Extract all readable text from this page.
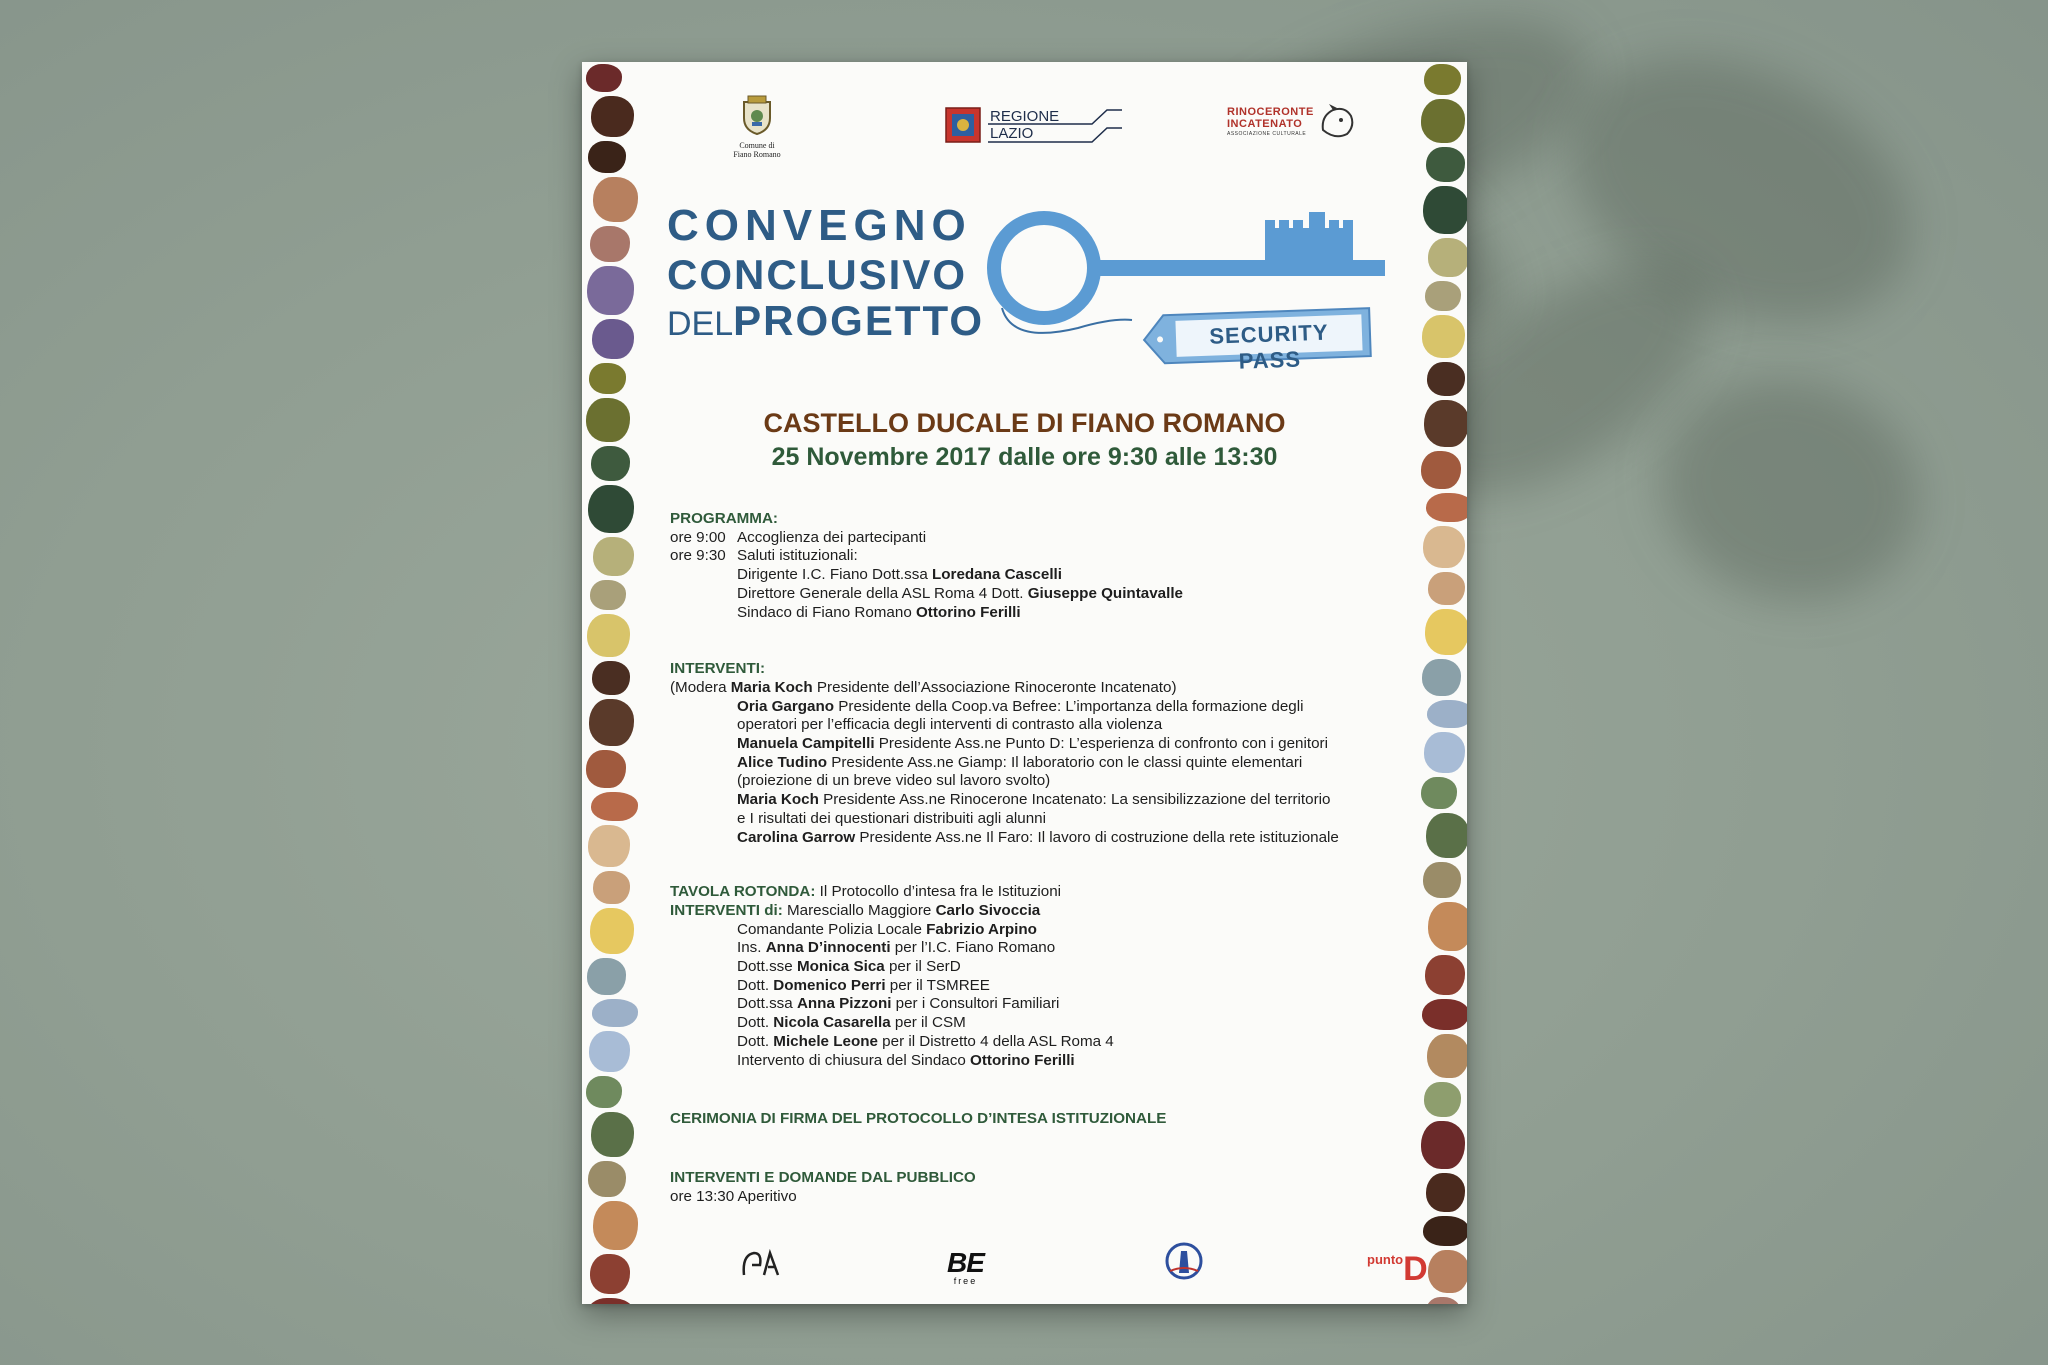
Comune di
Fiano Romano
REGIONE
LAZIO
RINOCERONTE
INCATENATO
ASSOCIAZIONE CULTURALE
CONVEGNO
CONCLUSIVO
DELPROGETTO	SECURITY PASS
CASTELLO DUCALE DI FIANO ROMANO
25 Novembre 2017 dalle ore 9:30 alle 13:30
PROGRAMMA:
ore 9:00 Accoglienza dei partecipanti
ore 9:30 Saluti istituzionali:
Dirigente I.C. Fiano Dott.ssa Loredana Cascelli
Direttore Generale della ASL Roma 4 Dott. Giuseppe Quintavalle
Sindaco di Fiano Romano Ottorino Ferilli
INTERVENTI:
(Modera Maria Koch Presidente dell’Associazione Rinoceronte Incatenato)
Oria Gargano Presidente della Coop.va Befree: L’importanza della formazione degli
operatori per l’efficacia degli interventi di contrasto alla violenza
Manuela Campitelli Presidente Ass.ne Punto D: L’esperienza di confronto con i genitori
Alice Tudino Presidente Ass.ne Giamp: Il laboratorio con le classi quinte elementari
(proiezione di un breve video sul lavoro svolto)
Maria Koch Presidente Ass.ne Rinocerone Incatenato: La sensibilizzazione del territorio
e I risultati dei questionari distribuiti agli alunni
Carolina Garrow Presidente Ass.ne Il Faro: Il lavoro di costruzione della rete istituzionale
TAVOLA ROTONDA: Il Protocollo d’intesa fra le Istituzioni
INTERVENTI di: Maresciallo Maggiore Carlo Sivoccia
Comandante Polizia Locale Fabrizio Arpino
Ins. Anna D’innocenti per l’I.C. Fiano Romano
Dott.sse Monica Sica per il SerD
Dott. Domenico Perri per il TSMREE
Dott.ssa Anna Pizzoni per i Consultori Familiari
Dott. Nicola Casarella per il CSM
Dott. Michele Leone per il Distretto 4 della ASL Roma 4
Intervento di chiusura del Sindaco Ottorino Ferilli
CERIMONIA DI FIRMA DEL PROTOCOLLO D’INTESA ISTITUZIONALE
INTERVENTI E DOMANDE DAL PUBBLICO
ore 13:30 Aperitivo
BE
free
$^{punto}$D
